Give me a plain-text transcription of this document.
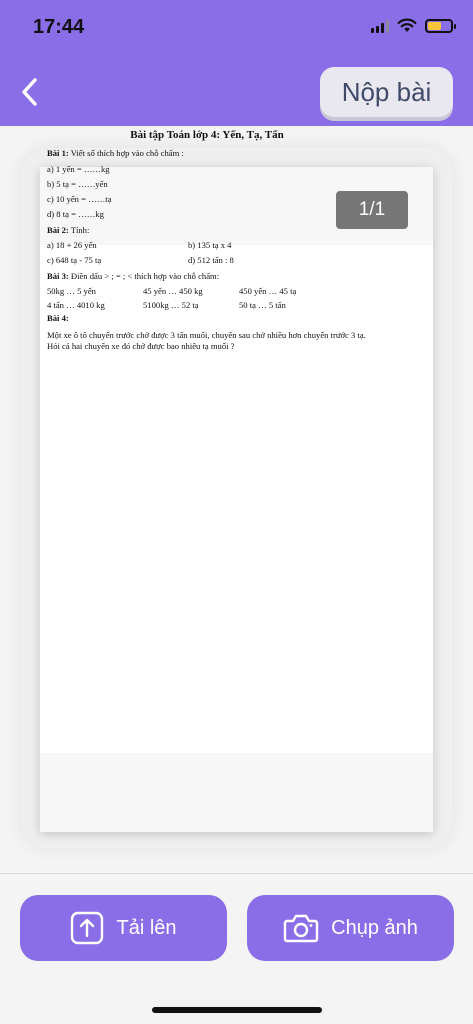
17:44
Nộp bài
1/1
Bài tập Toán lớp 4: Yến, Tạ, Tấn
Bài 1: Viết số thích hợp vào chỗ chấm :
a) 1 yến = ……kg
b) 5 tạ = ……yến
c) 10 yến = ……tạ
d) 8 tạ = ……kg
Bài 2: Tính:
a) 18 + 26 yến	b) 135 tạ x 4
c) 648 tạ - 75 tạ	d) 512 tấn : 8
Bài 3: Điền dấu > ; = ; < thích hợp vào chỗ chấm:
50kg … 5 yến	45 yến … 450 kg	450 yến … 45 tạ
4 tấn … 4010 kg	5100kg … 52 tạ	50 tạ … 5 tấn
Bài 4:
Một xe ô tô chuyến trước chở được 3 tấn muối, chuyến sau chở nhiều hơn chuyến trước 3 tạ. Hỏi cả hai chuyến xe đó chở được bao nhiêu tạ muối ?
Tải lên	Chụp ảnh
